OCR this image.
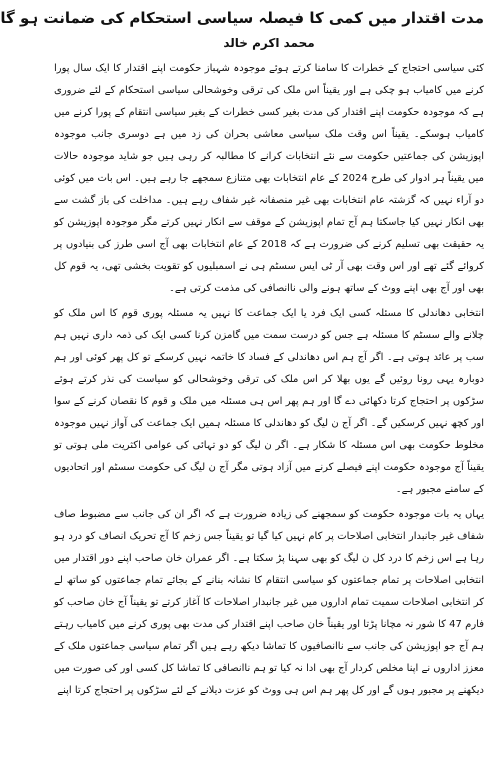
مدت اقتدار میں کمی کا فیصلہ سیاسی استحکام کی ضمانت ہو گا
محمد اکرم خالد

کئی سیاسی احتجاج کے خطرات کا سامنا کرتے ہوئے موجودہ شہباز حکومت اپنے اقتدار کا ایک سال پورا کرنے میں کامیاب ہو چکی ہے اور یقیناً اس ملک کی ترقی وخوشحالی سیاسی استحکام کے لئے ضروری ہے کہ موجودہ حکومت اپنے اقتدار کی مدت بغیر کسی خطرات کے بغیر سیاسی انتقام کے پورا کرنے میں کامیاب ہوسکے۔ یقیناً اس وقت ملک سیاسی معاشی بحران کی زد میں ہے دوسری جانب موجودہ اپوزیشن کی جماعتیں حکومت سے نئے انتخابات کرانے کا مطالبہ کر رہی ہیں جو شاید موجودہ حالات میں یقیناً ہر ادوار کی طرح 2024 کے عام انتخابات بھی متنازع سمجھے جا رہے ہیں۔ اس بات میں کوئی دو آراء نہیں کہ گزشتہ عام انتخابات بھی غیر منصفانہ غیر شفاف رہے ہیں۔ مداخلت کی باز گشت سے بھی انکار نہیں کیا جاسکتا ہم آج تمام اپوزیشن کے موقف سے انکار نہیں کرتے مگر موجودہ اپوزیشن کو یہ حقیقت بھی تسلیم کرنے کی ضرورت ہے کہ 2018 کے عام انتخابات بھی آج اسی طرز کی بنیادوں پر کروائے گئے تھے اور اس وقت بھی آر ٹی ایس سسٹم ہی نے اسمبلیوں کو تقویت بخشی تھی، یہ قوم کل بھی اور آج بھی اپنے ووٹ کے ساتھ ہونے والی ناانصافی کی مذمت کرتی ہے۔

انتخابی دھاندلی کا مسئلہ کسی ایک فرد یا ایک جماعت کا نہیں یہ مسئلہ پوری قوم کا اس ملک کو چلانے والے سسٹم کا مسئلہ ہے جس کو درست سمت میں گامزن کرنا کسی ایک کی ذمہ داری نہیں ہم سب پر عائد ہوتی ہے۔ اگر آج ہم اس دھاندلی کے فساد کا خاتمہ نہیں کرسکے تو کل پھر کوئی اور ہم دوبارہ یہی رونا روئیں گے یوں بھلا کر اس ملک کی ترقی وخوشحالی کو سیاست کی نذر کرتے ہوئے سڑکوں پر احتجاج کرتا دکھائی دے گا اور ہم پھر اس ہی مسئلہ میں ملک و قوم کا نقصان کرنے کے سوا اور کچھ نہیں کرسکیں گے۔ اگر آج ن لیگ کو دھاندلی کا مسئلہ ہمیں ایک جماعت کی آواز نہیں موجودہ مخلوط حکومت بھی اس مسئلہ کا شکار ہے۔ اگر ن لیگ کو دو تہائی کی عوامی اکثریت ملی ہوتی تو یقیناً آج موجودہ حکومت اپنے فیصلے کرنے میں آزاد ہوتی مگر آج ن لیگ کی حکومت سسٹم اور اتحادیوں کے سامنے مجبور ہے۔

یہاں یہ بات موجودہ حکومت کو سمجھنے کی زیادہ ضرورت ہے کہ اگر ان کی جانب سے مضبوط صاف شفاف غیر جانبدار انتخابی اصلاحات پر کام نہیں کیا گیا تو یقیناً جس زخم کا آج تحریک انصاف کو درد ہو رہا ہے اس زخم کا درد کل ن لیگ کو بھی سہنا پڑ سکتا ہے۔ اگر عمران خان صاحب اپنے دور اقتدار میں انتخابی اصلاحات پر تمام جماعتوں کو سیاسی انتقام کا نشانہ بنانے کے بجائے تمام جماعتوں کو ساتھ لے کر انتخابی اصلاحات سمیت تمام اداروں میں غیر جانبدار اصلاحات کا آغاز کرتے تو یقیناً آج خان صاحب کو فارم 47 کا شور نہ مچانا پڑتا اور یقیناً خان صاحب اپنے اقتدار کی مدت بھی پوری کرنے میں کامیاب رہتے ہم آج جو اپوزیشن کی جانب سے ناانصافیوں کا تماشا دیکھ رہے ہیں اگر تمام سیاسی جماعتوں ملک کے معزز اداروں نے اپنا مخلص کردار آج بھی ادا نہ کیا تو ہم ناانصافی کا تماشا کل کسی اور کی صورت میں دیکھنے پر مجبور ہوں گے اور کل پھر ہم اس ہی ووٹ کو عزت دیلانے کے لئے سڑکوں پر احتجاج کرتا اپنے
